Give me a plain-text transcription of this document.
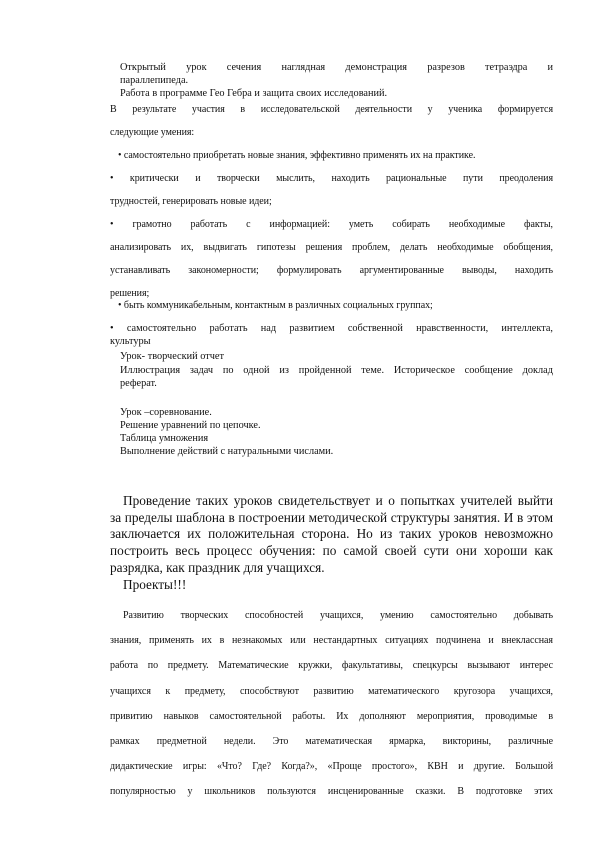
Открытый урок сечения наглядная демонстрация разрезов тетраэдра и

параллепипеда.

Работа в программе Гео Гебра и защита своих исследований.

В результате участия в исследовательской деятельности у ученика формируется
следующие умения:
• самостоятельно приобретать новые знания, эффективно применять их на практике.
• критически и творчески мыслить, находить рациональные пути преодоления
трудностей, генерировать новые идеи;
• грамотно работать с информацией: уметь собирать необходимые факты,
анализировать их, выдвигать гипотезы решения проблем, делать необходимые обобщения,
устанавливать закономерности; формулировать аргументированные выводы, находить
решения;
• быть коммуникабельным, контактным в различных социальных группах;
• самостоятельно работать над развитием собственной нравственности, интеллекта,
культуры
Урок- творческий отчет
Иллюстрация задач по одной из пройденной теме. Историческое сообщение доклад
реферат.
Урок –соревнование.
Решение уравнений по цепочке.
Таблица умножения
Выполнение действий с натуральными числами.
Проведение таких уроков свидетельствует и о попытках учителей выйти
за пределы шаблона в построении методической структуры занятия. И в этом
заключается их положительная сторона. Но из таких уроков невозможно
построить весь процесс обучения: по самой своей сути они хороши как
разрядка, как праздник для учащихся.
Проекты!!!
Развитию творческих способностей учащихся, умению самостоятельно добывать
знания, применять их в незнакомых или нестандартных ситуациях подчинена и внеклассная
работа по предмету. Математические кружки, факультативы, спецкурсы вызывают интерес
учащихся к предмету, способствуют развитию математического кругозора учащихся,
привитию навыков самостоятельной работы. Их дополняют мероприятия, проводимые в
рамках предметной недели. Это математическая ярмарка, викторины, различные
дидактические игры: «Что? Где? Когда?», «Проще простого», КВН и другие. Большой
популярностью у школьников пользуются инсценированные сказки. В подготовке этих
